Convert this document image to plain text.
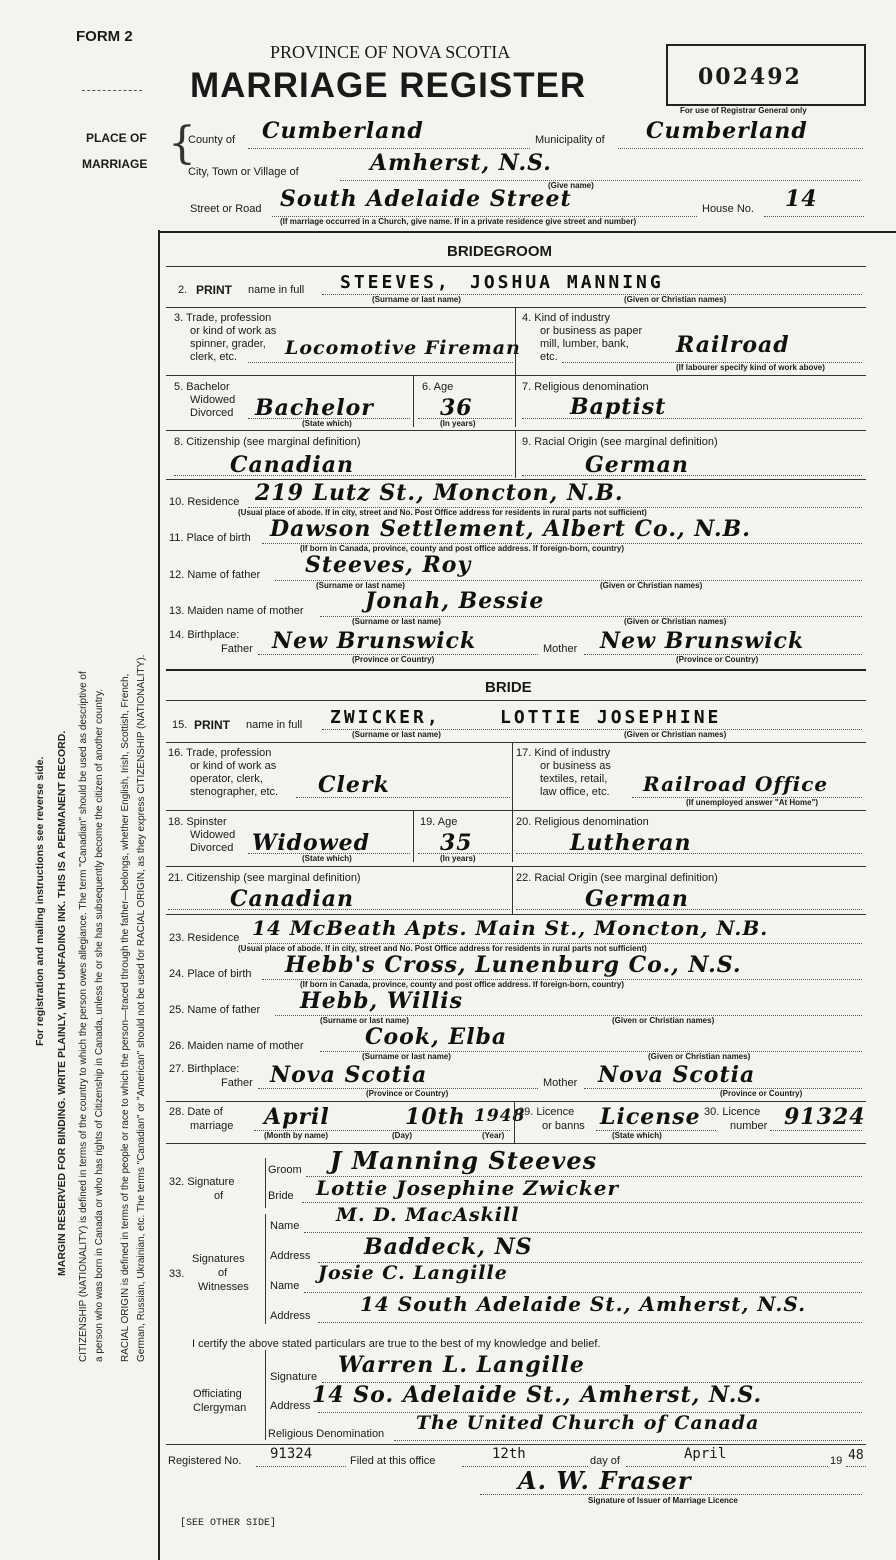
FORM 2
PROVINCE OF NOVA SCOTIA
MARRIAGE REGISTER	002492
For use of Registrar General only
PLACE OF
MARRIAGE {
County of Cumberland	Municipality of Cumberland
City, Town or Village of	Amherst, N.S.
(Give name)
Street or Road South Adelaide Street	House No. 14
(If marriage occurred in a Church, give name. If in a private residence give street and number)
BRIDEGROOM
2. PRINT name in full STEEVES, JOSHUA MANNING
(Surname or last name)	(Given or Christian names)
3. Trade, profession
or kind of work as
spinner, grader,
clerk, etc.	Locomotive Fireman
4. Kind of industry
or business as paper
mill, lumber, bank,
etc.	Railroad
(If labourer specify kind of work above)
5. Bachelor
Widowed
Divorced Bachelor
(State which)
6. Age
36
(In years)
7. Religious denomination
Baptist
8. Citizenship (see marginal definition)
Canadian
9. Racial Origin (see marginal definition)
German
10. Residence 219 Lutz St., Moncton, N.B.
(Usual place of abode. If in city, street and No. Post Office address for residents in rural parts not sufficient)
11. Place of birth Dawson Settlement, Albert Co., N.B.
(If born in Canada, province, county and post office address. If foreign-born, country)
12. Name of father Steeves, Roy
(Surname or last name)	(Given or Christian names)
13. Maiden name of mother	Jonah, Bessie
(Surname or last name)	(Given or Christian names)
14. Birthplace:
Father New Brunswick
(Province or Country)
Mother New Brunswick
(Province or Country)
BRIDE
15. PRINT name in full ZWICKER,	LOTTIE JOSEPHINE
(Surname or last name)	(Given or Christian names)
16. Trade, profession
or kind of work as
operator, clerk,
stenographer, etc. Clerk
17. Kind of industry
or business as
textiles, retail,
law office, etc. Railroad Office
(If unemployed answer "At Home")
18. Spinster
Widowed
Divorced Widowed
(State which)
19. Age
35
(In years)
20. Religious denomination
Lutheran
21. Citizenship (see marginal definition)
Canadian
22. Racial Origin (see marginal definition)
German
23. Residence 14 McBeath Apts. Main St., Moncton, N.B.
(Usual place of abode. If in city, street and No. Post Office address for residents in rural parts not sufficient)
24. Place of birth Hebb's Cross, Lunenburg Co., N.S.
(If born in Canada, province, county and post office address. If foreign-born, country)
25. Name of father Hebb, Willis
(Surname or last name)	(Given or Christian names)
26. Maiden name of mother	Cook, Elba
(Surname or last name)	(Given or Christian names)
27. Birthplace:
Father Nova Scotia
(Province or Country)
Mother Nova Scotia
(Province or Country)
28. Date of
marriage April	10th 1948
(Month by name)	(Day)	(Year)
29. Licence
or banns License
(State which)
30. Licence
number 91324
32. Signature
of
Groom J Manning Steeves
Bride Lottie Josephine Zwicker
33.
Signatures
of
Witnesses
Name M. D. MacAskill
Address Baddeck, NS
Name
Josie C. Langille
Address 14 South Adelaide St., Amherst, N.S.
I certify the above stated particulars are true to the best of my knowledge and belief.
Signature Warren L. Langille
Officiating
Clergyman Address 14 So. Adelaide St., Amherst, N.S.
Religious Denomination The United Church of Canada
Registered No. 91324	Filed at this office	12th	day of	April	19 48
A. W. Fraser
Signature of Issuer of Marriage Licence
[SEE OTHER SIDE]
For registration and mailing instructions see reverse side. MARGIN RESERVED FOR BINDING. WRITE PLAINLY, WITH UNFADING INK. THIS IS A PERMANENT RECORD. CITIZENSHIP (NATIONALITY) is defined in terms of the country to which the person owes allegiance. The term "Canadian" should be used as descriptive of a person who was born in Canada or who has rights of Citizenship in Canada, unless he or she has subsequently become the citizen of another country. RACIAL ORIGIN is defined in terms of the people or race to which the person—traced through the father—belongs, whether English, Irish, Scottish, French, German, Russian, Ukrainian, etc. The terms "Canadian" or "American" should not be used for RACIAL ORIGIN, as they express CITIZENSHIP (NATIONALITY).
